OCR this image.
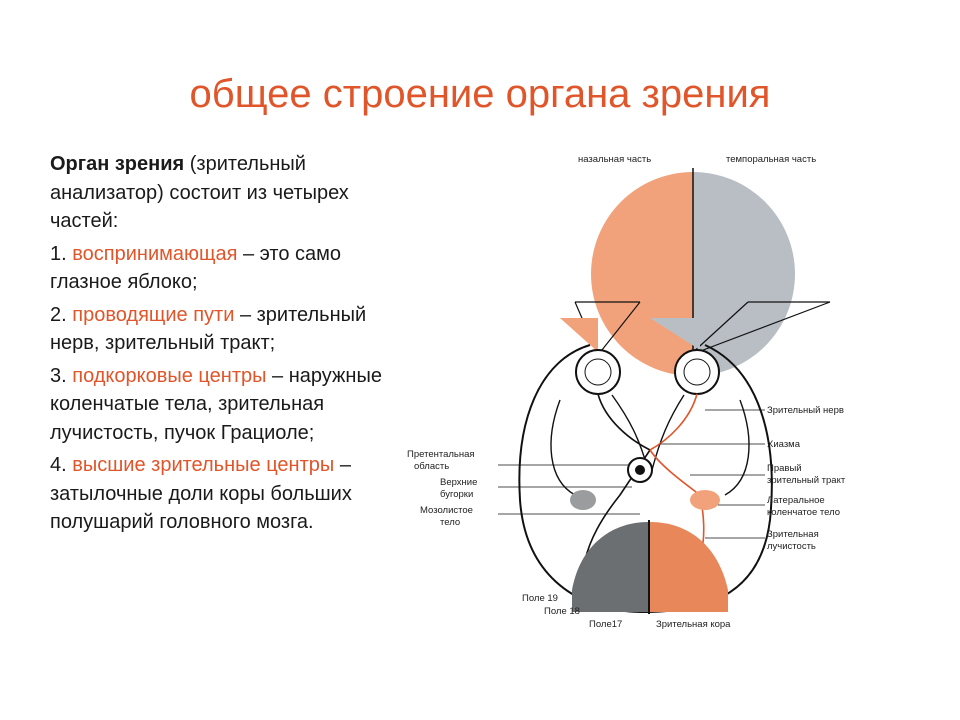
общее строение органа зрения

Орган зрения (зрительный анализатор) состоит из четырех частей:

1. воспринимающая – это само глазное яблоко;

2. проводящие пути – зрительный нерв, зрительный тракт;

3. подкорковые центры – наружные коленчатые тела, зрительная лучистость, пучок Грациоле;

4. высшие зрительные центры – затылочные доли коры больших полушарий головного мозга.

назальная часть	темпоральная часть
Зрительный нерв
Хиазма
Правый
зрительный тракт
Латеральное
коленчатое тело
Зрительная
лучистость
Претентальная
область
Верхние
бугорки
Мозолистое
тело
Поле 19
Поле 18
Поле17	Зрительная кора
